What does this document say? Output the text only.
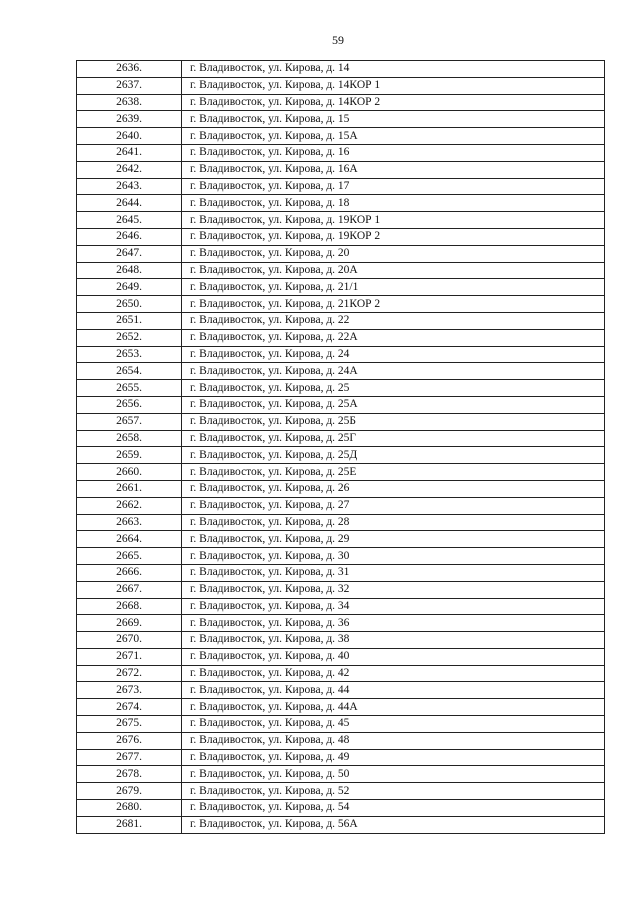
59
2636.	г. Владивосток, ул. Кирова, д. 14
2637.	г. Владивосток, ул. Кирова, д. 14КОР 1
2638.	г. Владивосток, ул. Кирова, д. 14КОР 2
2639.	г. Владивосток, ул. Кирова, д. 15
2640.	г. Владивосток, ул. Кирова, д. 15А
2641.	г. Владивосток, ул. Кирова, д. 16
2642.	г. Владивосток, ул. Кирова, д. 16А
2643.	г. Владивосток, ул. Кирова, д. 17
2644.	г. Владивосток, ул. Кирова, д. 18
2645.	г. Владивосток, ул. Кирова, д. 19КОР 1
2646.	г. Владивосток, ул. Кирова, д. 19КОР 2
2647.	г. Владивосток, ул. Кирова, д. 20
2648.	г. Владивосток, ул. Кирова, д. 20А
2649.	г. Владивосток, ул. Кирова, д. 21/1
2650.	г. Владивосток, ул. Кирова, д. 21КОР 2
2651.	г. Владивосток, ул. Кирова, д. 22
2652.	г. Владивосток, ул. Кирова, д. 22А
2653.	г. Владивосток, ул. Кирова, д. 24
2654.	г. Владивосток, ул. Кирова, д. 24А
2655.	г. Владивосток, ул. Кирова, д. 25
2656.	г. Владивосток, ул. Кирова, д. 25А
2657.	г. Владивосток, ул. Кирова, д. 25Б
2658.	г. Владивосток, ул. Кирова, д. 25Г
2659.	г. Владивосток, ул. Кирова, д. 25Д
2660.	г. Владивосток, ул. Кирова, д. 25Е
2661.	г. Владивосток, ул. Кирова, д. 26
2662.	г. Владивосток, ул. Кирова, д. 27
2663.	г. Владивосток, ул. Кирова, д. 28
2664.	г. Владивосток, ул. Кирова, д. 29
2665.	г. Владивосток, ул. Кирова, д. 30
2666.	г. Владивосток, ул. Кирова, д. 31
2667.	г. Владивосток, ул. Кирова, д. 32
2668.	г. Владивосток, ул. Кирова, д. 34
2669.	г. Владивосток, ул. Кирова, д. 36
2670.	г. Владивосток, ул. Кирова, д. 38
2671.	г. Владивосток, ул. Кирова, д. 40
2672.	г. Владивосток, ул. Кирова, д. 42
2673.	г. Владивосток, ул. Кирова, д. 44
2674.	г. Владивосток, ул. Кирова, д. 44А
2675.	г. Владивосток, ул. Кирова, д. 45
2676.	г. Владивосток, ул. Кирова, д. 48
2677.	г. Владивосток, ул. Кирова, д. 49
2678.	г. Владивосток, ул. Кирова, д. 50
2679.	г. Владивосток, ул. Кирова, д. 52
2680.	г. Владивосток, ул. Кирова, д. 54
2681.	г. Владивосток, ул. Кирова, д. 56А
